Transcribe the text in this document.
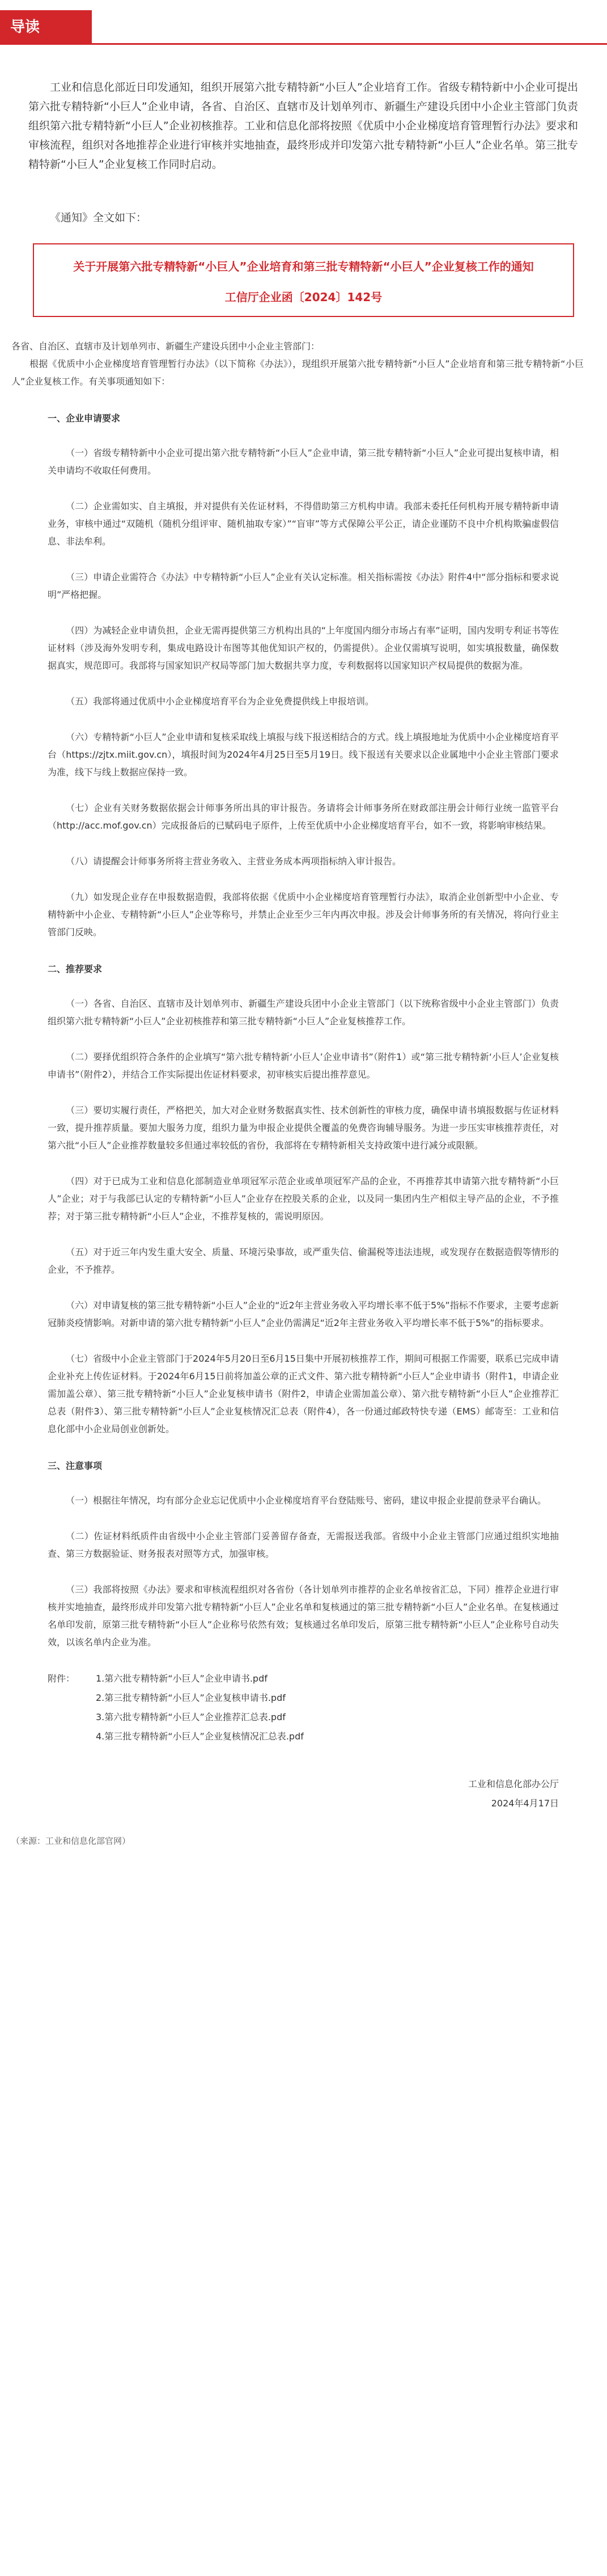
导读

工业和信息化部近日印发通知，组织开展第六批专精特新“小巨人”企业培育工作。省级专精特新中小企业可提出第六批专精特新“小巨人”企业申请，各省、自治区、直辖市及计划单列市、新疆生产建设兵团中小企业主管部门负责组织第六批专精特新“小巨人”企业初核推荐。工业和信息化部将按照《优质中小企业梯度培育管理暂行办法》要求和审核流程，组织对各地推荐企业进行审核并实地抽查，最终形成并印发第六批专精特新“小巨人”企业名单。第三批专精特新“小巨人”企业复核工作同时启动。

《通知》全文如下：

关于开展第六批专精特新“小巨人”企业培育和第三批专精特新“小巨人”企业复核工作的通知
工信厅企业函〔2024〕142号

各省、自治区、直辖市及计划单列市、新疆生产建设兵团中小企业主管部门：

根据《优质中小企业梯度培育管理暂行办法》（以下简称《办法》），现组织开展第六批专精特新“小巨人”企业培育和第三批专精特新“小巨人”企业复核工作。有关事项通知如下：

一、企业申请要求

（一）省级专精特新中小企业可提出第六批专精特新“小巨人”企业申请，第三批专精特新“小巨人”企业可提出复核申请，相关申请均不收取任何费用。

（二）企业需如实、自主填报，并对提供有关佐证材料，不得借助第三方机构申请。我部未委托任何机构开展专精特新申请业务，审核中通过“双随机（随机分组评审、随机抽取专家）”“盲审”等方式保障公平公正，请企业谨防不良中介机构欺骗虚假信息、非法牟利。

（三）申请企业需符合《办法》中专精特新“小巨人”企业有关认定标准。相关指标需按《办法》附件4中“部分指标和要求说明”严格把握。

（四）为减轻企业申请负担，企业无需再提供第三方机构出具的“上年度国内细分市场占有率”证明，国内发明专利证书等佐证材料（涉及海外发明专利，集成电路设计布图等其他优知识产权的，仍需提供）。企业仅需填写说明，如实填报数量，确保数据真实，规范即可。我部将与国家知识产权局等部门加大数据共享力度，专利数据将以国家知识产权局提供的数据为准。

（五）我部将通过优质中小企业梯度培育平台为企业免费提供线上申报培训。

（六）专精特新“小巨人”企业申请和复核采取线上填报与线下报送相结合的方式。线上填报地址为优质中小企业梯度培育平台（https://zjtx.miit.gov.cn），填报时间为2024年4月25日至5月19日。线下报送有关要求以企业属地中小企业主管部门要求为准，线下与线上数据应保持一致。

（七）企业有关财务数据依据会计师事务所出具的审计报告。务请将会计师事务所在财政部注册会计师行业统一监管平台（http://acc.mof.gov.cn）完成报备后的已赋码电子原件，上传至优质中小企业梯度培育平台，如不一致，将影响审核结果。

（八）请提醒会计师事务所将主营业务收入、主营业务成本两项指标纳入审计报告。

（九）如发现企业存在申报数据造假，我部将依据《优质中小企业梯度培育管理暂行办法》，取消企业创新型中小企业、专精特新中小企业、专精特新“小巨人”企业等称号，并禁止企业至少三年内再次申报。涉及会计师事务所的有关情况，将向行业主管部门反映。

二、推荐要求

（一）各省、自治区、直辖市及计划单列市、新疆生产建设兵团中小企业主管部门（以下统称省级中小企业主管部门）负责组织第六批专精特新“小巨人”企业初核推荐和第三批专精特新“小巨人”企业复核推荐工作。

（二）要择优组织符合条件的企业填写“第六批专精特新‘小巨人’企业申请书”（附件1）或“第三批专精特新‘小巨人’企业复核申请书”（附件2），并结合工作实际提出佐证材料要求，初审核实后提出推荐意见。

（三）要切实履行责任，严格把关，加大对企业财务数据真实性、技术创新性的审核力度，确保申请书填报数据与佐证材料一致，提升推荐质量。要加大服务力度，组织力量为申报企业提供全覆盖的免费咨询辅导服务。为进一步压实审核推荐责任，对第六批“小巨人”企业推荐数量较多但通过率较低的省份，我部将在专精特新相关支持政策中进行减分或限额。

（四）对于已成为工业和信息化部制造业单项冠军示范企业或单项冠军产品的企业，不再推荐其申请第六批专精特新“小巨人”企业；对于与我部已认定的专精特新“小巨人”企业存在控股关系的企业，以及同一集团内生产相似主导产品的企业，不予推荐；对于第三批专精特新“小巨人”企业，不推荐复核的，需说明原因。

（五）对于近三年内发生重大安全、质量、环境污染事故，或严重失信、偷漏税等违法违规，或发现存在数据造假等情形的企业，不予推荐。

（六）对申请复核的第三批专精特新“小巨人”企业的“近2年主营业务收入平均增长率不低于5%”指标不作要求，主要考虑新冠肺炎疫情影响。对新申请的第六批专精特新“小巨人”企业仍需满足“近2年主营业务收入平均增长率不低于5%”的指标要求。

（七）省级中小企业主管部门于2024年5月20日至6月15日集中开展初核推荐工作，期间可根据工作需要，联系已完成申请企业补充上传佐证材料。于2024年6月15日前将加盖公章的正式文件、第六批专精特新“小巨人”企业申请书（附件1，申请企业需加盖公章）、第三批专精特新“小巨人”企业复核申请书（附件2，申请企业需加盖公章）、第六批专精特新“小巨人”企业推荐汇总表（附件3）、第三批专精特新“小巨人”企业复核情况汇总表（附件4），各一份通过邮政特快专递（EMS）邮寄至：工业和信息化部中小企业局创业创新处。

三、注意事项

（一）根据往年情况，均有部分企业忘记优质中小企业梯度培育平台登陆账号、密码，建议申报企业提前登录平台确认。

（二）佐证材料纸质件由省级中小企业主管部门妥善留存备查，无需报送我部。省级中小企业主管部门应通过组织实地抽查、第三方数据验证、财务报表对照等方式，加强审核。

（三）我部将按照《办法》要求和审核流程组织对各省份（各计划单列市推荐的企业名单按省汇总，下同）推荐企业进行审核并实地抽查，最终形成并印发第六批专精特新“小巨人”企业名单和复核通过的第三批专精特新“小巨人”企业名单。在复核通过名单印发前，原第三批专精特新“小巨人”企业称号依然有效；复核通过名单印发后，原第三批专精特新“小巨人”企业称号自动失效，以该名单内企业为准。

附件：	1.第六批专精特新“小巨人”企业申请书.pdf
2.第三批专精特新“小巨人”企业复核申请书.pdf
3.第六批专精特新“小巨人”企业推荐汇总表.pdf
4.第三批专精特新“小巨人”企业复核情况汇总表.pdf
工业和信息化部办公厅
2024年4月17日

（来源：工业和信息化部官网）
